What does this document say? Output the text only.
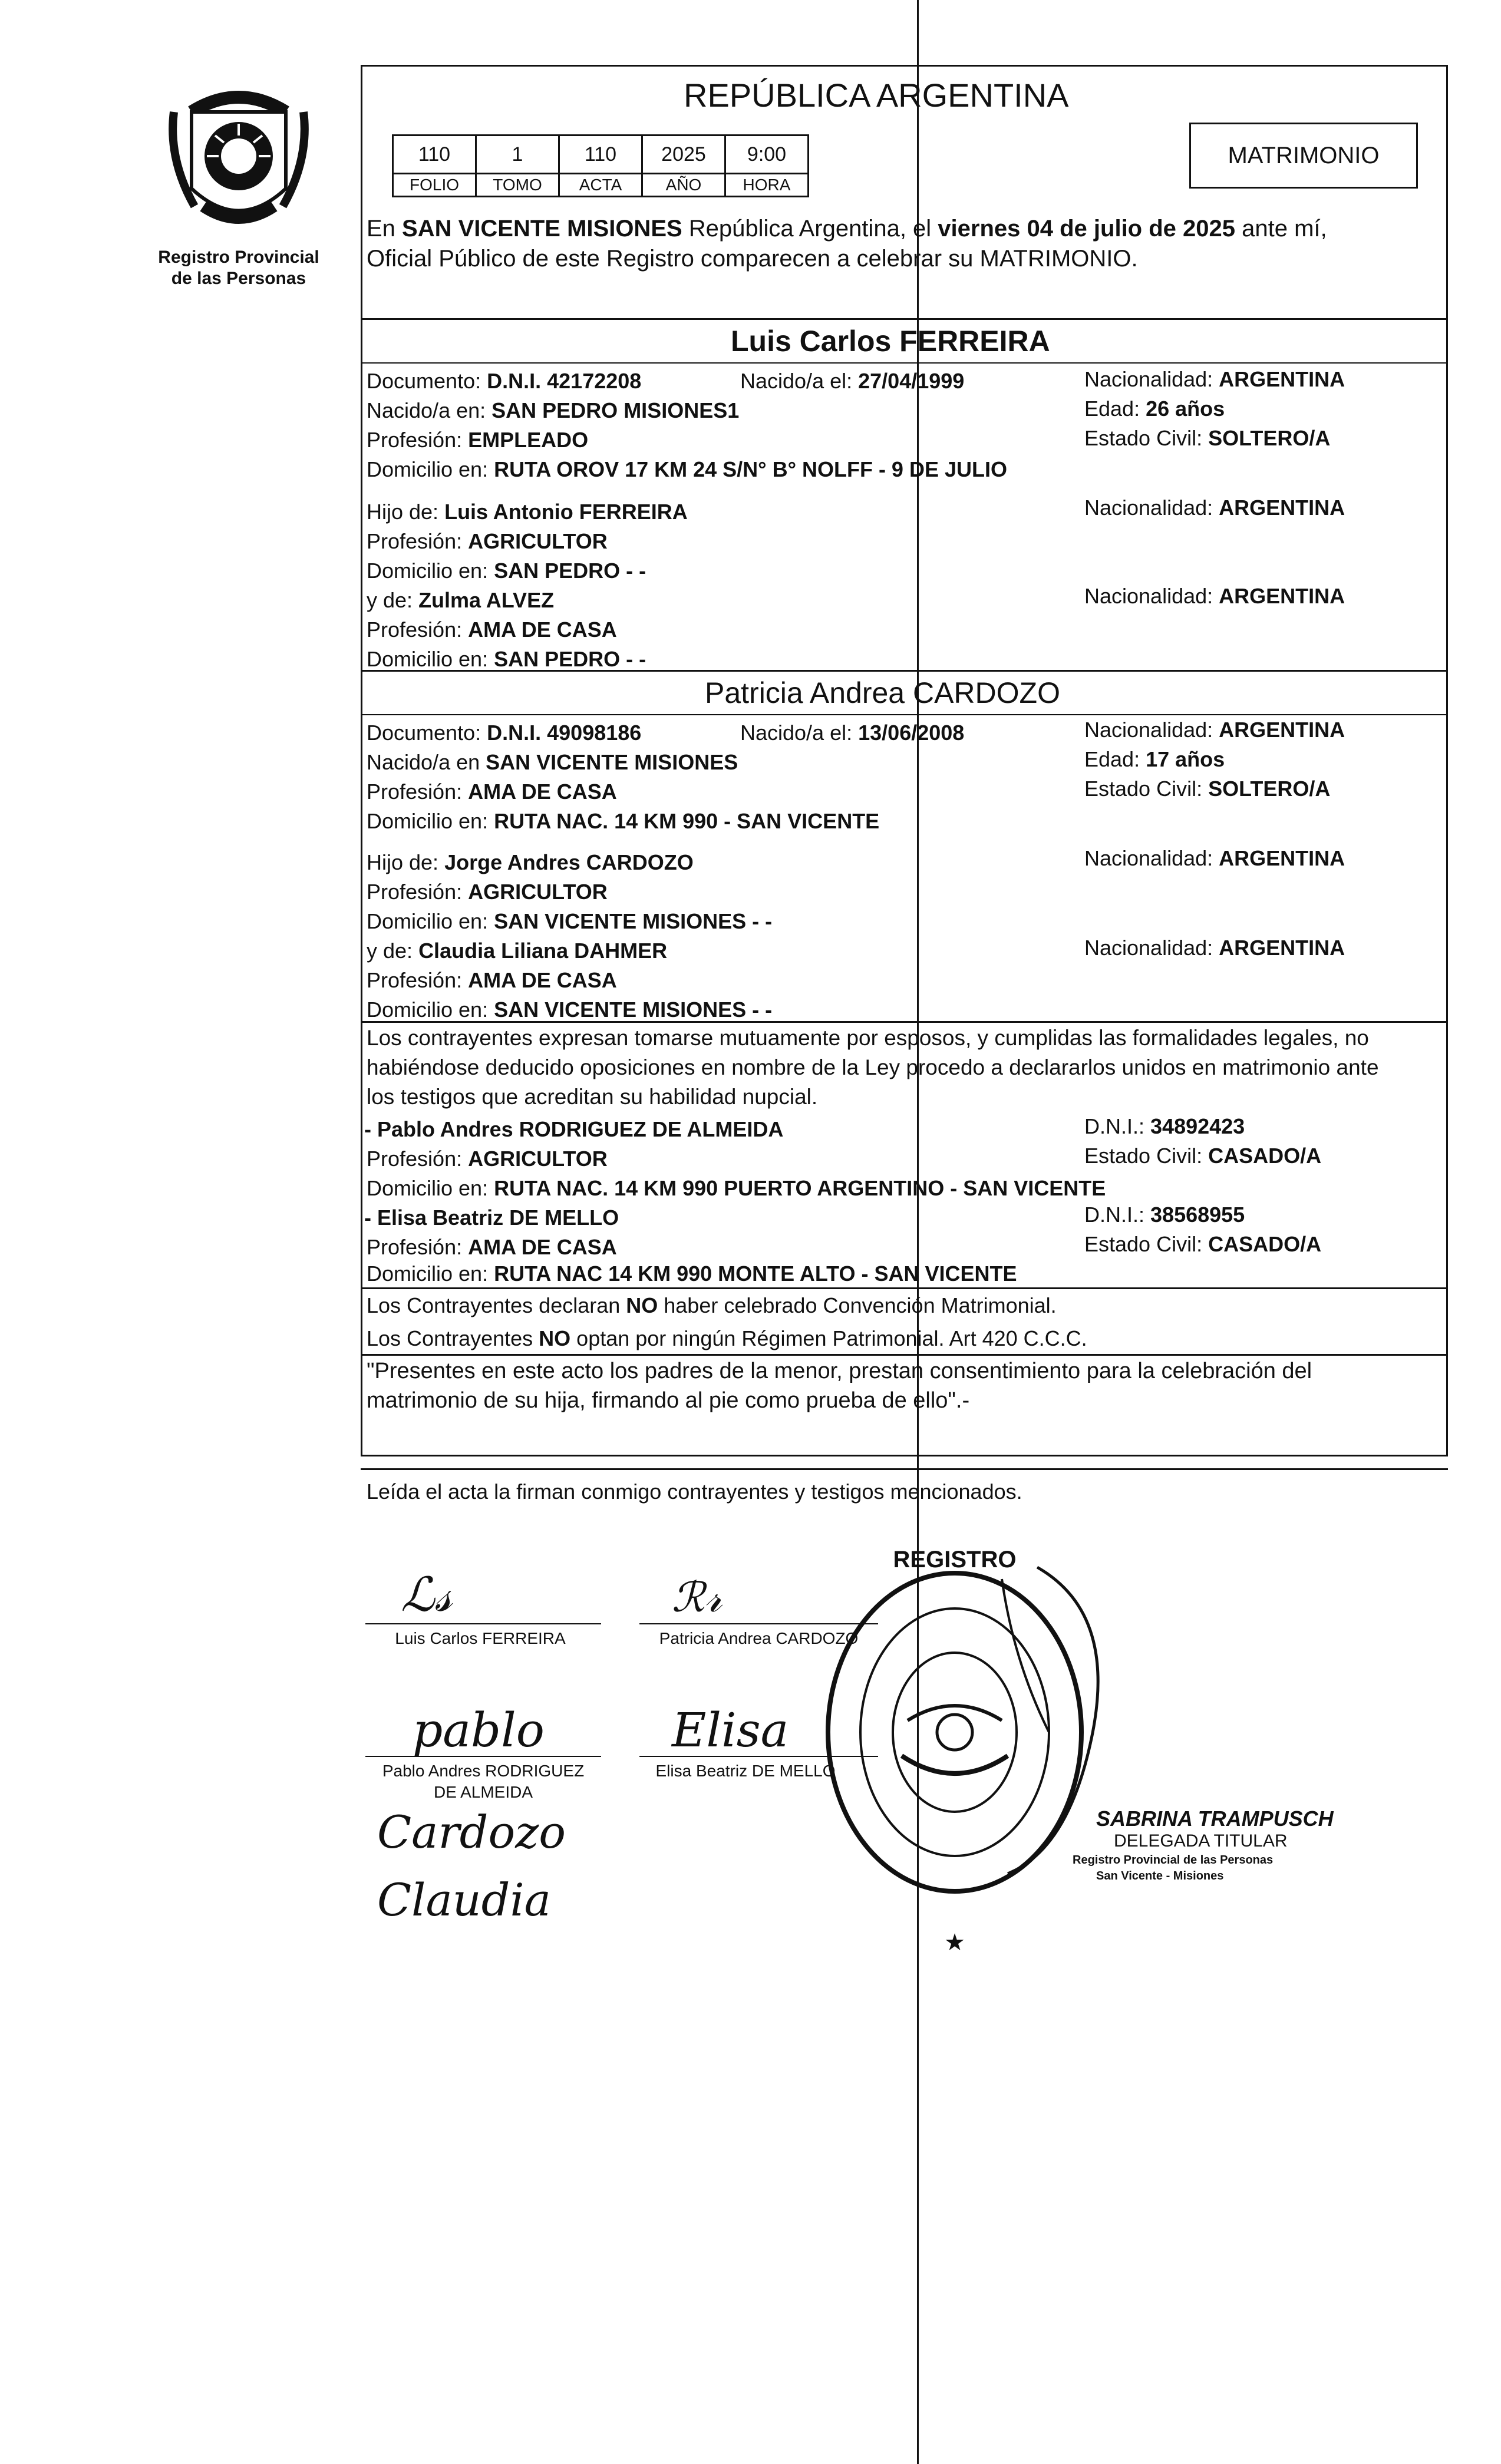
Registro Provincial
de las Personas
REPÚBLICA ARGENTINA
110	1	110	2025	9:00
FOLIO	TOMO	ACTA	AÑO	HORA
MATRIMONIO
En SAN VICENTE MISIONES República Argentina, el viernes 04 de julio de 2025 ante mí,
Oficial Público de este Registro comparecen a celebrar su MATRIMONIO.
Luis Carlos FERREIRA
Documento: D.N.I. 42172208	Nacido/a el: 27/04/1999	Nacionalidad: ARGENTINA
Nacido/a en: SAN PEDRO MISIONES1	Edad: 26 años
Profesión: EMPLEADO	Estado Civil: SOLTERO/A
Domicilio en: RUTA OROV 17 KM 24 S/N° B° NOLFF - 9 DE JULIO
Hijo de: Luis Antonio FERREIRA	Nacionalidad: ARGENTINA
Profesión: AGRICULTOR
Domicilio en: SAN PEDRO - -
y de: Zulma ALVEZ	Nacionalidad: ARGENTINA
Profesión: AMA DE CASA
Domicilio en: SAN PEDRO - -
Patricia Andrea CARDOZO
Documento: D.N.I. 49098186	Nacido/a el: 13/06/2008	Nacionalidad: ARGENTINA
Nacido/a en SAN VICENTE MISIONES	Edad: 17 años
Profesión: AMA DE CASA	Estado Civil: SOLTERO/A
Domicilio en: RUTA NAC. 14 KM 990 - SAN VICENTE
Hijo de: Jorge Andres CARDOZO	Nacionalidad: ARGENTINA
Profesión: AGRICULTOR
Domicilio en: SAN VICENTE MISIONES - -
y de: Claudia Liliana DAHMER	Nacionalidad: ARGENTINA
Profesión: AMA DE CASA
Domicilio en: SAN VICENTE MISIONES - -
Los contrayentes expresan tomarse mutuamente por esposos, y cumplidas las formalidades legales, no
habiéndose deducido oposiciones en nombre de la Ley procedo a declararlos unidos en matrimonio ante
los testigos que acreditan su habilidad nupcial.
- Pablo Andres RODRIGUEZ DE ALMEIDA	D.N.I.: 34892423
Profesión: AGRICULTOR	Estado Civil: CASADO/A
Domicilio en: RUTA NAC. 14 KM 990 PUERTO ARGENTINO - SAN VICENTE
- Elisa Beatriz DE MELLO	D.N.I.: 38568955
Profesión: AMA DE CASA	Estado Civil: CASADO/A
Domicilio en: RUTA NAC 14 KM 990 MONTE ALTO - SAN VICENTE
Los Contrayentes declaran NO haber celebrado Convención Matrimonial.
Los Contrayentes NO optan por ningún Régimen Patrimonial. Art 420 C.C.C.
"Presentes en este acto los padres de la menor, prestan consentimiento para la celebración del
matrimonio de su hija, firmando al pie como prueba de ello".-
Leída el acta la firman conmigo contrayentes y testigos mencionados.
ℒ𝓈
Luis Carlos FERREIRA
ℛ𝓇
Patricia Andrea CARDOZO
pablo
Pablo Andres RODRIGUEZ
DE ALMEIDA
Elisa
Elisa Beatriz DE MELLO
Cardozo
Claudia
REGISTRO
★
SABRINA TRAMPUSCH
DELEGADA TITULAR
Registro Provincial de las Personas
San Vicente - Misiones
